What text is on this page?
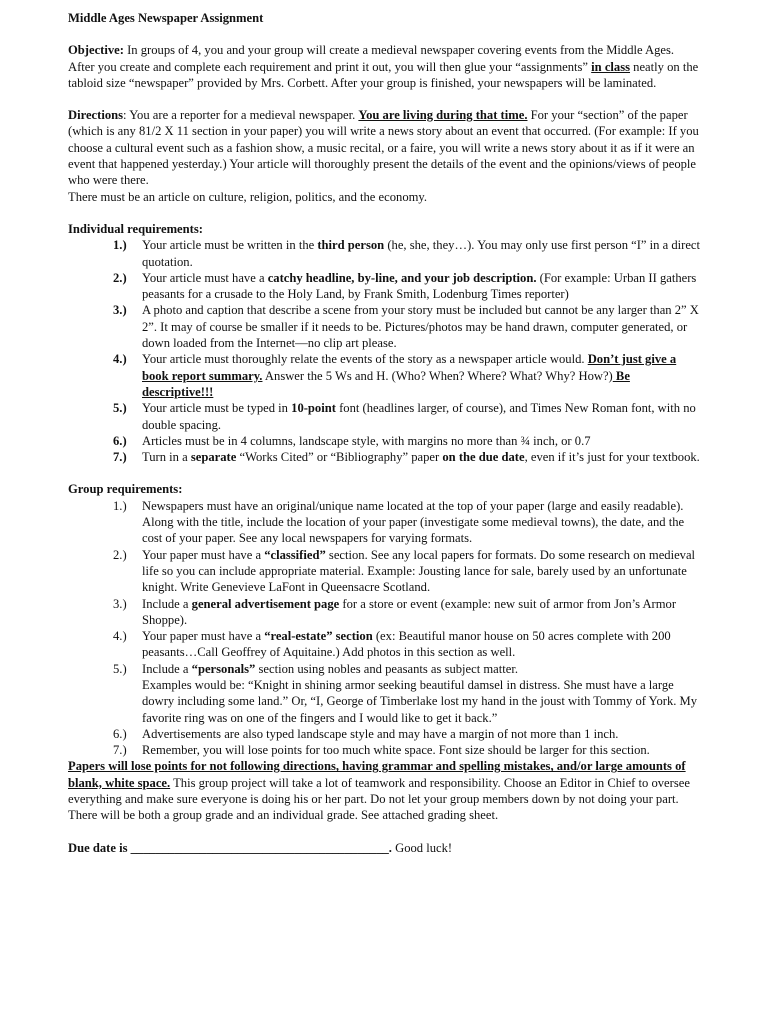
Middle Ages Newspaper Assignment

Objective: In groups of 4, you and your group will create a medieval newspaper covering events from the Middle Ages. After you create and complete each requirement and print it out, you will then glue your “assignments” in class neatly on the tabloid size “newspaper” provided by Mrs. Corbett. After your group is finished, your newspapers will be laminated.

Directions: You are a reporter for a medieval newspaper. You are living during that time. For your “section” of the paper (which is any 81/2 X 11 section in your paper) you will write a news story about an event that occurred. (For example: If you choose a cultural event such as a fashion show, a music recital, or a faire, you will write a news story about it as if it were an event that happened yesterday.) Your article will thoroughly present the details of the event and the opinions/views of people who were there.

There must be an article on culture, religion, politics, and the economy.

Individual requirements:

1.) Your article must be written in the third person (he, she, they…). You may only use first person “I” in a direct quotation.
2.) Your article must have a catchy headline, by-line, and your job description. (For example: Urban II gathers peasants for a crusade to the Holy Land, by Frank Smith, Lodenburg Times reporter)
3.) A photo and caption that describe a scene from your story must be included but cannot be any larger than 2” X 2”. It may of course be smaller if it needs to be. Pictures/photos may be hand drawn, computer generated, or down loaded from the Internet—no clip art please.
4.) Your article must thoroughly relate the events of the story as a newspaper article would. Don’t just give a book report summary. Answer the 5 Ws and H. (Who? When? Where? What? Why? How?) Be descriptive!!!
5.) Your article must be typed in 10-point font (headlines larger, of course), and Times New Roman font, with no double spacing.
6.) Articles must be in 4 columns, landscape style, with margins no more than ¾ inch, or 0.7
7.) Turn in a separate “Works Cited” or “Bibliography” paper on the due date, even if it’s just for your textbook.

Group requirements:

1.) Newspapers must have an original/unique name located at the top of your paper (large and easily readable). Along with the title, include the location of your paper (investigate some medieval towns), the date, and the cost of your paper. See any local newspapers for varying formats.
2.) Your paper must have a “classified” section. See any local papers for formats. Do some research on medieval life so you can include appropriate material. Example: Jousting lance for sale, barely used by an unfortunate knight. Write Genevieve LaFont in Queensacre Scotland.
3.) Include a general advertisement page for a store or event (example: new suit of armor from Jon’s Armor Shoppe).
4.) Your paper must have a “real-estate” section (ex: Beautiful manor house on 50 acres complete with 200 peasants…Call Geoffrey of Aquitaine.) Add photos in this section as well.
5.) Include a “personals” section using nobles and peasants as subject matter.
Examples would be: “Knight in shining armor seeking beautiful damsel in distress. She must have a large dowry including some land.” Or, “I, George of Timberlake lost my hand in the joust with Tommy of York. My favorite ring was on one of the fingers and I would like to get it back.”
6.) Advertisements are also typed landscape style and may have a margin of not more than 1 inch.
7.) Remember, you will lose points for too much white space. Font size should be larger for this section.

Papers will lose points for not following directions, having grammar and spelling mistakes, and/or large amounts of blank, white space. This group project will take a lot of teamwork and responsibility. Choose an Editor in Chief to oversee everything and make sure everyone is doing his or her part. Do not let your group members down by not doing your part. There will be both a group grade and an individual grade. See attached grading sheet.

Due date is _________________________________________. Good luck!
